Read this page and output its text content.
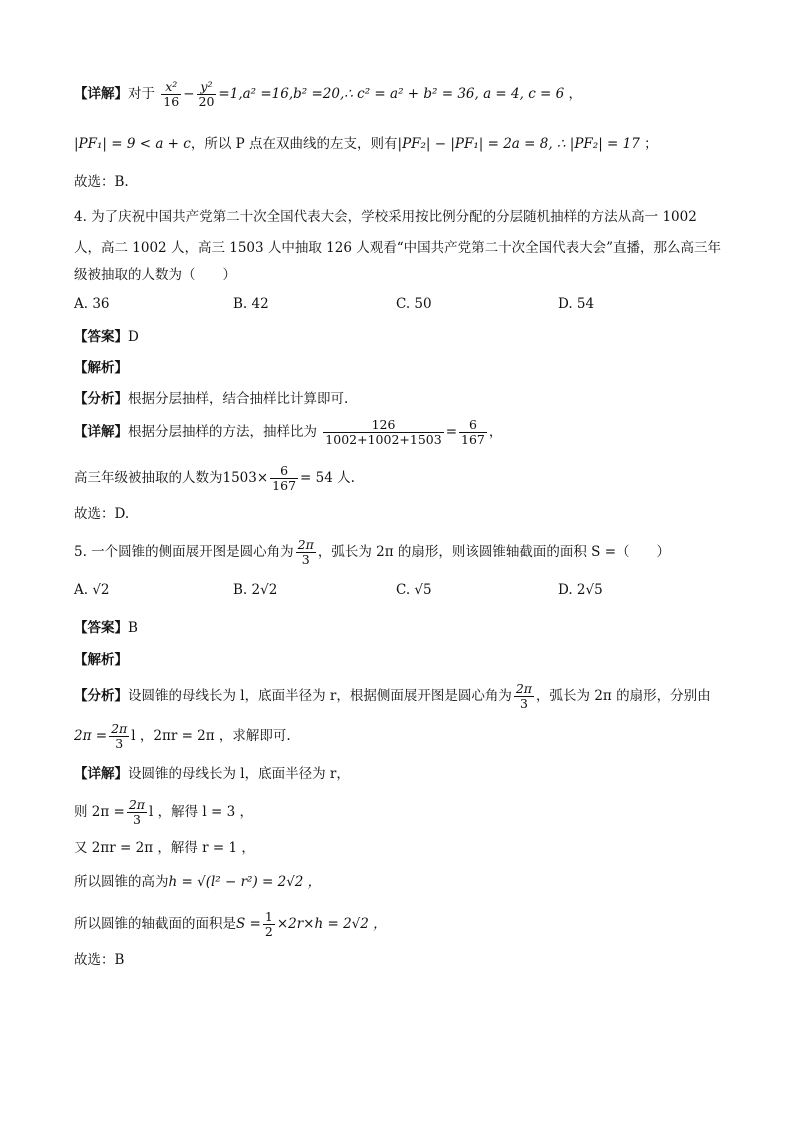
【详解】对于 $\frac{\text{x²}}{16} - \frac{\text{y²}}{20} =1,a^2 =16,b^2$ =20,∴ c² = a² + b² = 36, a = 4, c = 6 ，
|PF₁| = 9 < a + c，所以 P 点在双曲线的左支，则有|PF₂| − |PF₁| = 2a = 8, ∴ |PF₂| = 17 ；
故选：B.
4. 为了庆祝中国共产党第二十次全国代表大会，学校采用按比例分配的分层随机抽样的方法从高一 1002
人，高二 1002 人，高三 1503 人中抽取 126 人观看“中国共产党第二十次全国代表大会”直播，那么高三年
级被抽取的人数为（　　）
A. 36	B. 42	C. 50	D. 54
【答案】D
【解析】
【分析】根据分层抽样，结合抽样比计算即可.
【详解】根据分层抽样的方法，抽样比为 $\frac{126}{1002+1002+1503} = \frac{6}{167}$ ，
高三年级被抽取的人数为$1503\times \frac{6}{167} = 54$ 人.
故选：D.
5. 一个圆锥的侧面展开图是圆心角为 $\frac{2\pi}{3}$ ，弧长为 2π 的扇形，则该圆锥轴截面的面积 S =（　　）
A. √2	B. 2√2	C. √5	D. 2√5
【答案】B
【解析】
【分析】设圆锥的母线长为 l，底面半径为 r，根据侧面展开图是圆心角为 $\frac{2\pi}{3}$ ，弧长为 2π 的扇形，分别由
$2\pi = \frac{2\pi}{3}$ l ，2πr = 2π ，求解即可.
【详解】设圆锥的母线长为 l，底面半径为 r，
则 $2\pi = \frac{2\pi}{3}$ l ，解得 l = 3 ，
又 2πr = 2π ，解得 r = 1 ，
所以圆锥的高为h = √(l² − r²) = 2√2 ，
所以圆锥的轴截面的面积是$S = \frac{1}{2} \times 2r\times h = 2√2$ ，
故选：B
